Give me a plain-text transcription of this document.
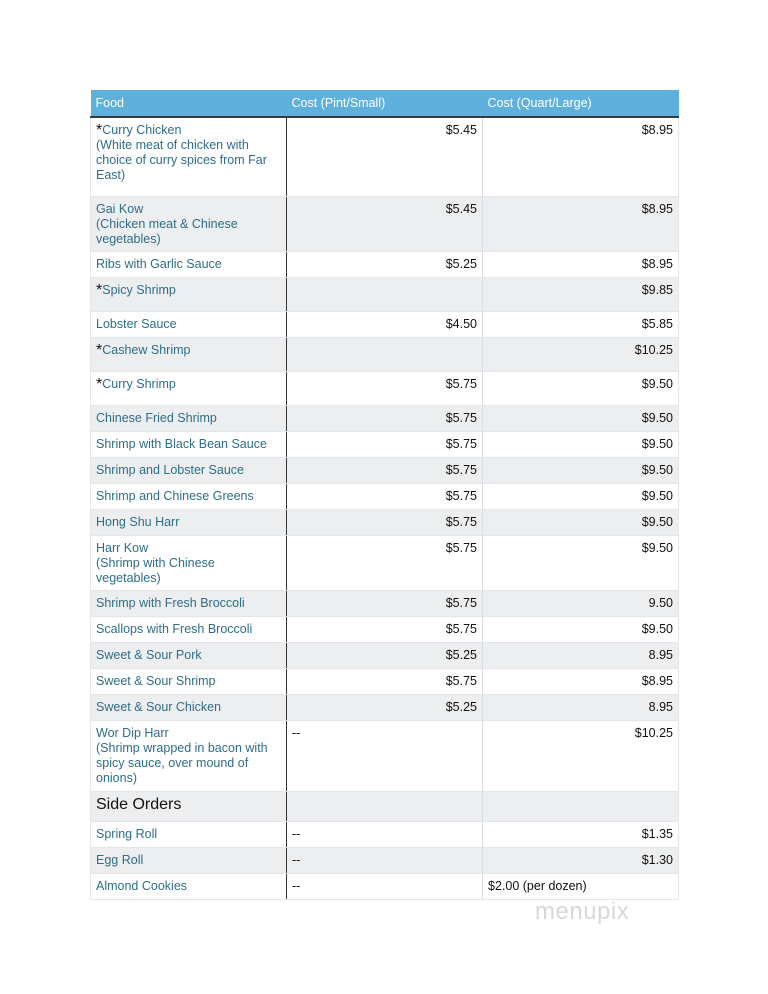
Food	Cost (Pint/Small)	Cost (Quart/Large)
*Curry Chicken
(White meat of chicken with choice of curry spices from Far East)	$5.45	$8.95
Gai Kow
(Chicken meat & Chinese vegetables)	$5.45	$8.95
Ribs with Garlic Sauce	$5.25	$8.95
*Spicy Shrimp		$9.85
Lobster Sauce	$4.50	$5.85
*Cashew Shrimp		$10.25
*Curry Shrimp	$5.75	$9.50
Chinese Fried Shrimp	$5.75	$9.50
Shrimp with Black Bean Sauce	$5.75	$9.50
Shrimp and Lobster Sauce	$5.75	$9.50
Shrimp and Chinese Greens	$5.75	$9.50
Hong Shu Harr	$5.75	$9.50
Harr Kow
(Shrimp with Chinese vegetables)	$5.75	$9.50
Shrimp with Fresh Broccoli	$5.75	9.50
Scallops with Fresh Broccoli	$5.75	$9.50
Sweet & Sour Pork	$5.25	8.95
Sweet & Sour Shrimp	$5.75	$8.95
Sweet & Sour Chicken	$5.25	8.95
Wor Dip Harr
(Shrimp wrapped in bacon with spicy sauce, over mound of onions)	--	$10.25
Side Orders		
Spring Roll	--	$1.35
Egg Roll	--	$1.30
Almond Cookies	--	$2.00 (per dozen)
menupix
